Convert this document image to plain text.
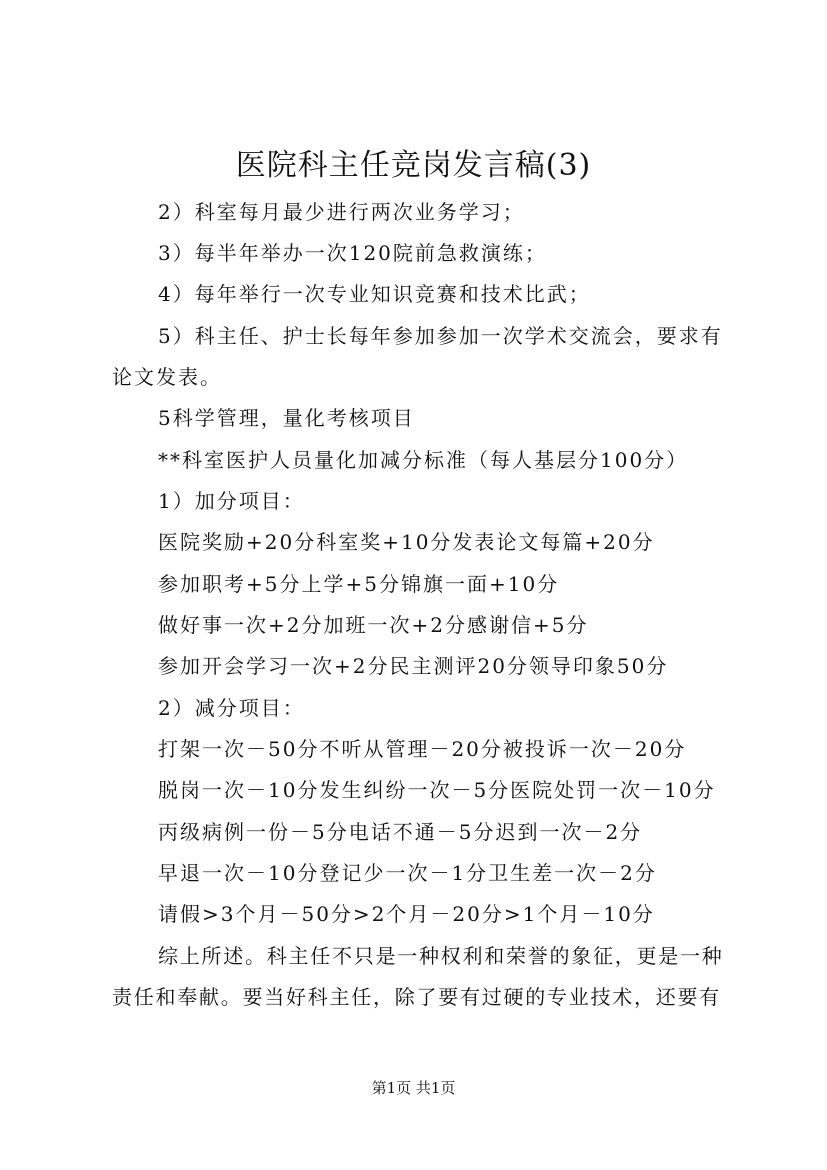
医院科主任竞岗发言稿(3)
2）科室每月最少进行两次业务学习；
3）每半年举办一次120院前急救演练；
4）每年举行一次专业知识竞赛和技术比武；
5）科主任、护士长每年参加参加一次学术交流会，要求有
论文发表。
5科学管理，量化考核项目
**科室医护人员量化加减分标准（每人基层分100分）
1）加分项目：
医院奖励+20分科室奖+10分发表论文每篇+20分
参加职考+5分上学+5分锦旗一面+10分
做好事一次+2分加班一次+2分感谢信+5分
参加开会学习一次+2分民主测评20分领导印象50分
2）减分项目：
打架一次－50分不听从管理－20分被投诉一次－20分
脱岗一次－10分发生纠纷一次－5分医院处罚一次－10分
丙级病例一份－5分电话不通－5分迟到一次－2分
早退一次－10分登记少一次－1分卫生差一次－2分
请假>3个月－50分>2个月－20分>1个月－10分
综上所述。科主任不只是一种权利和荣誉的象征，更是一种
责任和奉献。要当好科主任，除了要有过硬的专业技术，还要有
第1页 共1页
